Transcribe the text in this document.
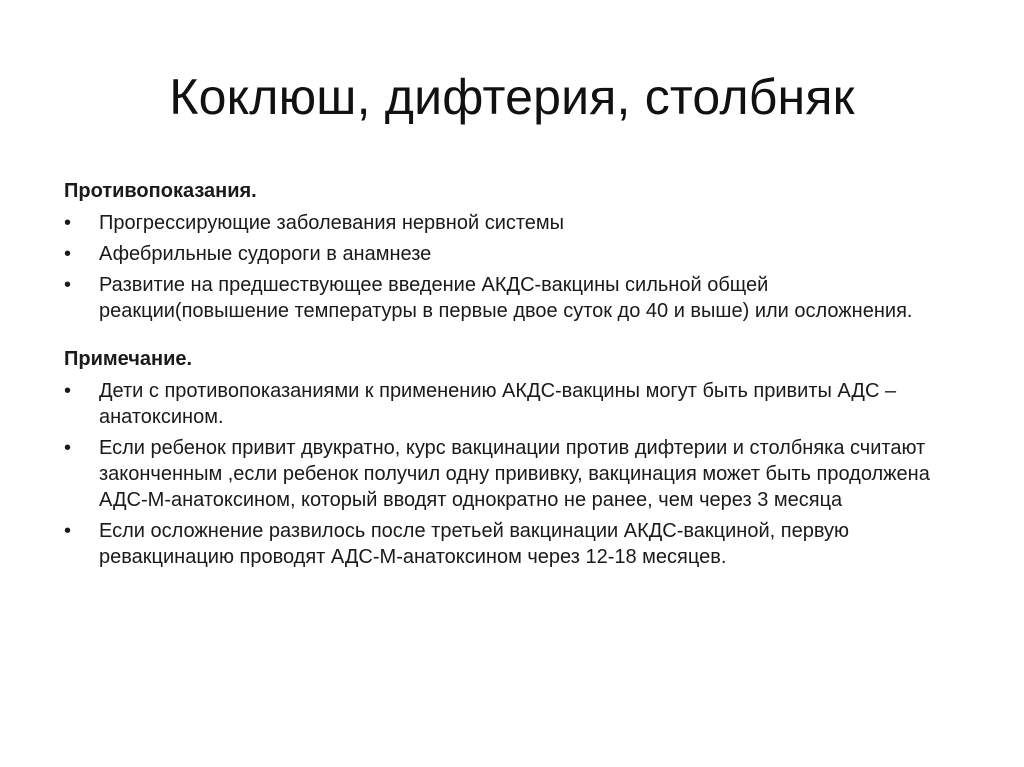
Коклюш, дифтерия, столбняк

Противопоказания.

•	Прогрессирующие заболевания нервной системы
•	Афебрильные судороги в анамнезе
•	Развитие на предшествующее введение АКДС-вакцины сильной общей реакции(повышение температуры в первые двое суток до 40 и выше) или осложнения.

Примечание.

•	Дети с противопоказаниями к применению АКДС-вакцины могут быть привиты АДС – анатоксином.
•	Если ребенок привит двукратно, курс вакцинации против дифтерии и столбняка считают законченным ,если ребенок получил одну прививку, вакцинация может быть продолжена АДС-М-анатоксином, который вводят однократно не ранее, чем через 3 месяца
•	Если осложнение развилось после третьей вакцинации АКДС-вакциной, первую ревакцинацию проводят АДС-М-анатоксином через 12-18 месяцев.
